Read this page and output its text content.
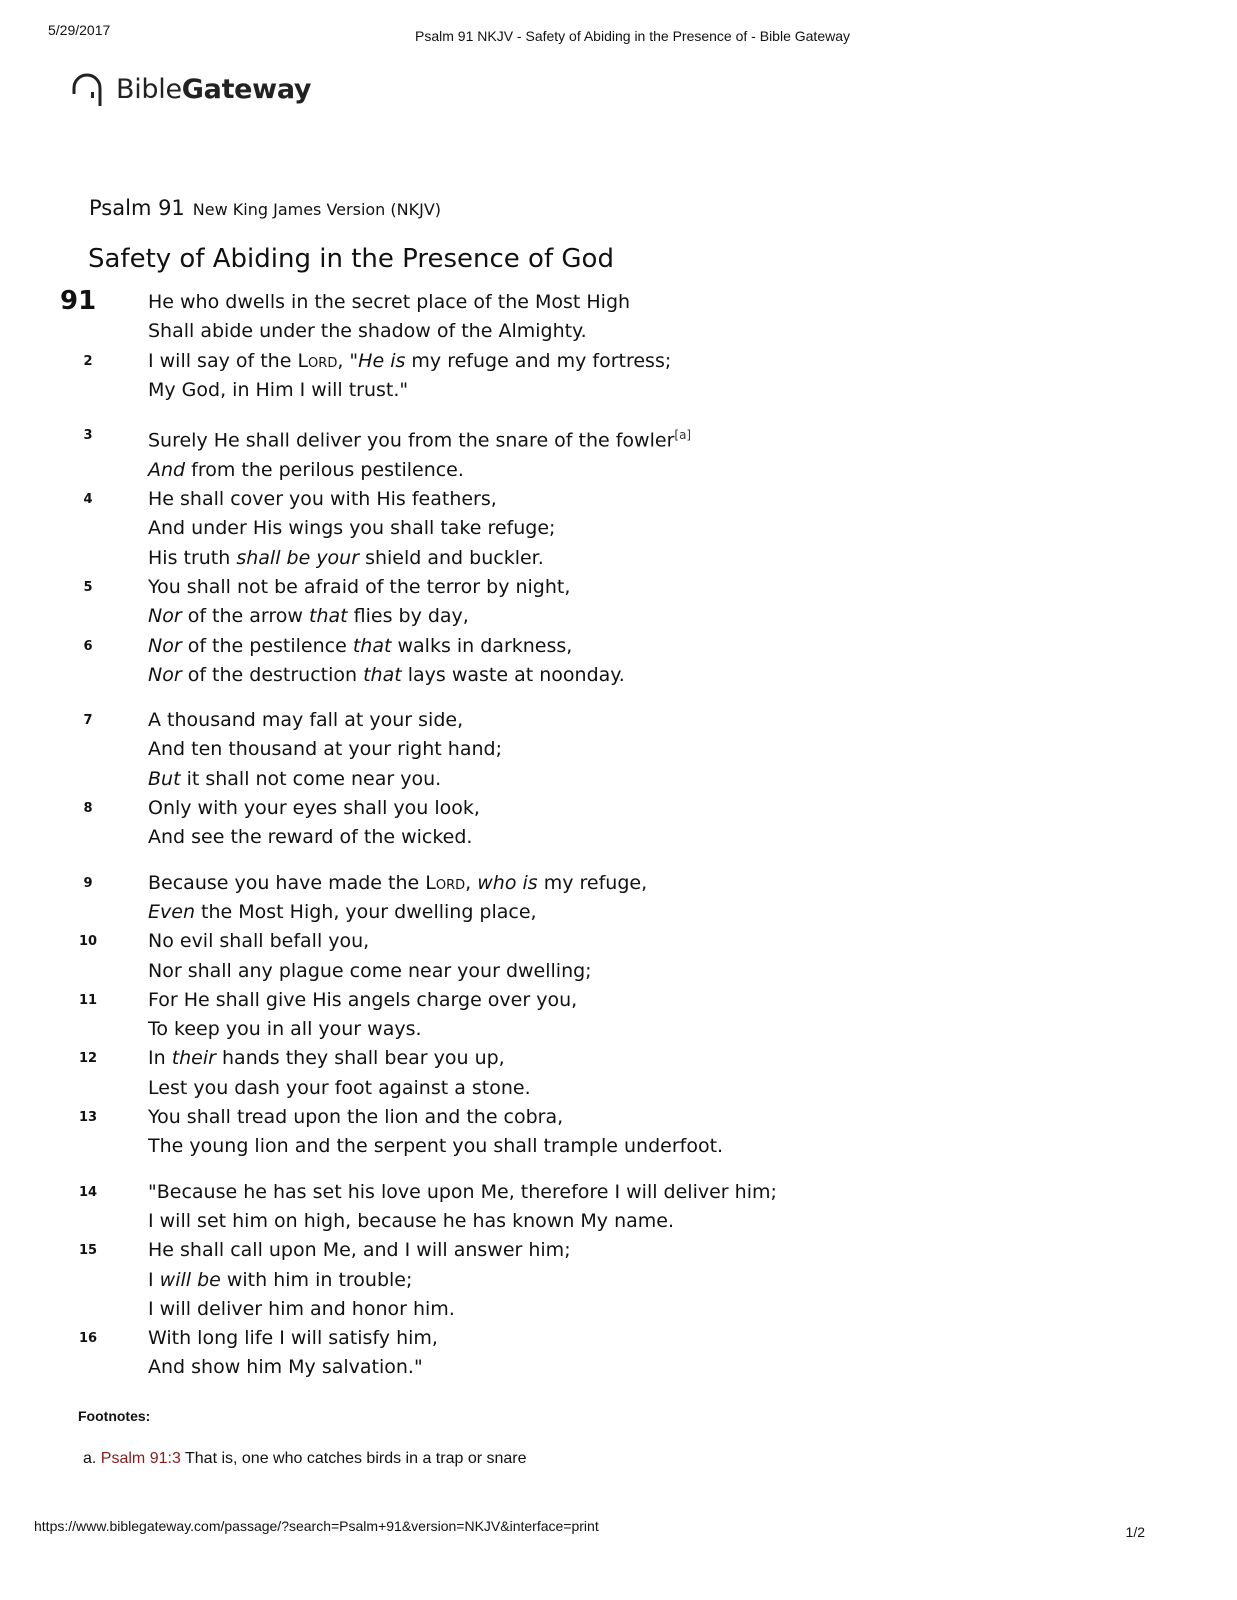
5/29/2017	Psalm 91 NKJV - Safety of Abiding in the Presence of - Bible Gateway
BibleGateway
Psalm 91 New King James Version (NKJV)
Safety of Abiding in the Presence of God
91	He who dwells in the secret place of the Most High
Shall abide under the shadow of the Almighty.
2	I will say of the Lord, "He is my refuge and my fortress;
My God, in Him I will trust."
3	Surely He shall deliver you from the snare of the fowler[a]
And from the perilous pestilence.
4	He shall cover you with His feathers,
And under His wings you shall take refuge;
His truth shall be your shield and buckler.
5	You shall not be afraid of the terror by night,
Nor of the arrow that flies by day,
6	Nor of the pestilence that walks in darkness,
Nor of the destruction that lays waste at noonday.
7	A thousand may fall at your side,
And ten thousand at your right hand;
But it shall not come near you.
8	Only with your eyes shall you look,
And see the reward of the wicked.
9	Because you have made the Lord, who is my refuge,
Even the Most High, your dwelling place,
10	No evil shall befall you,
Nor shall any plague come near your dwelling;
11	For He shall give His angels charge over you,
To keep you in all your ways.
12	In their hands they shall bear you up,
Lest you dash your foot against a stone.
13	You shall tread upon the lion and the cobra,
The young lion and the serpent you shall trample underfoot.
14	"Because he has set his love upon Me, therefore I will deliver him;
I will set him on high, because he has known My name.
15	He shall call upon Me, and I will answer him;
I will be with him in trouble;
I will deliver him and honor him.
16	With long life I will satisfy him,
And show him My salvation."
Footnotes:
a. Psalm 91:3 That is, one who catches birds in a trap or snare
https://www.biblegateway.com/passage/?search=Psalm+91&version=NKJV&interface=print	1/2
